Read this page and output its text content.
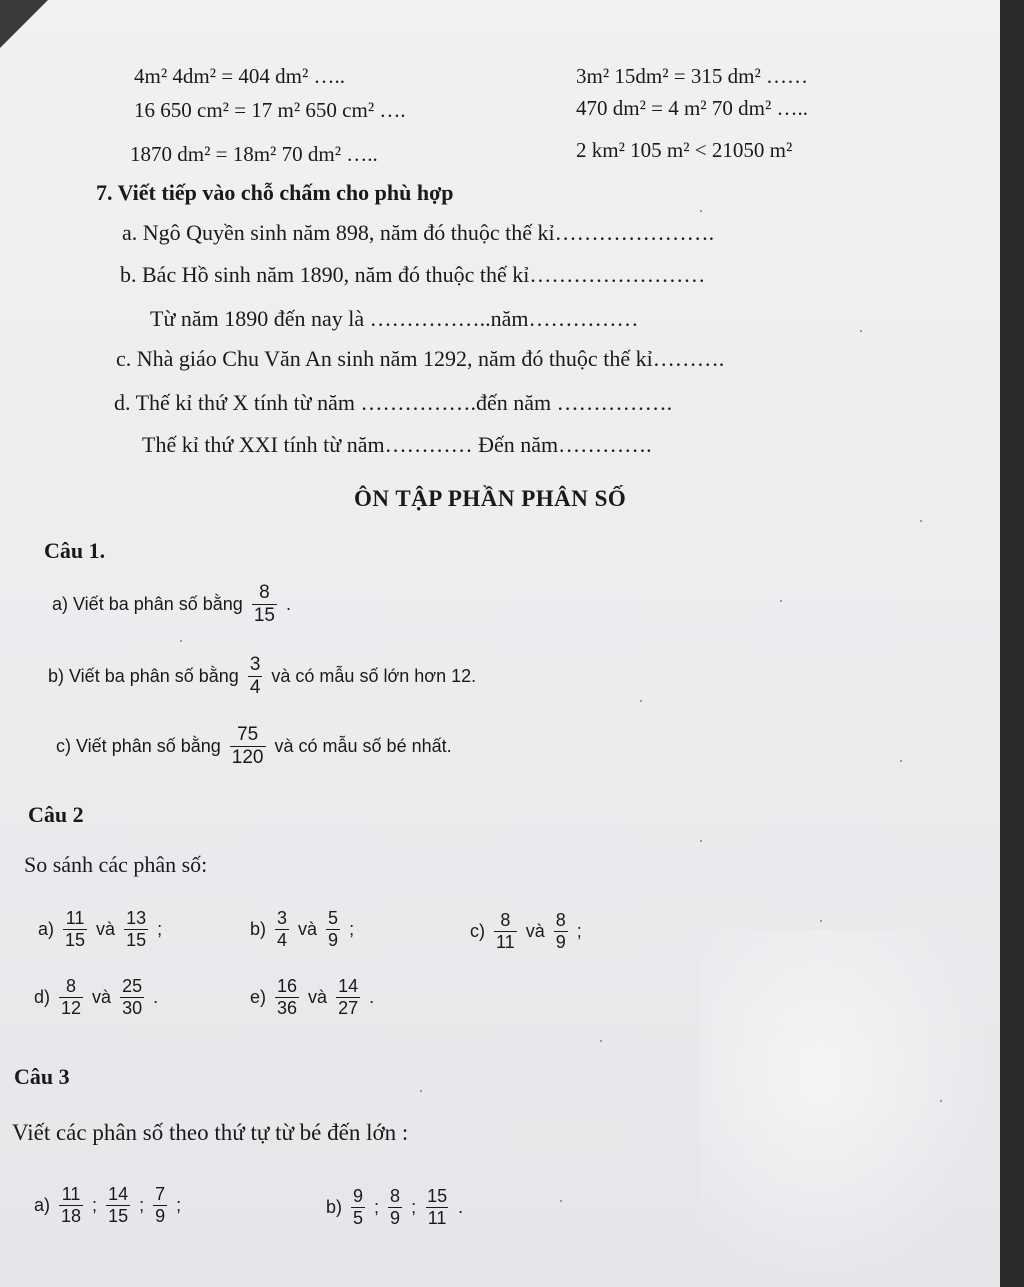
4m² 4dm² = 404 dm² …..	3m² 15dm² = 315 dm² ……
16 650 cm² = 17 m² 650 cm² ….	470 dm² = 4 m² 70 dm² …..
1870 dm² = 18m² 70 dm² …..	2 km² 105 m² < 21050 m²
7. Viết tiếp vào chỗ chấm cho phù hợp
a. Ngô Quyền sinh năm 898, năm đó thuộc thế kỉ………………….
b. Bác Hồ sinh năm 1890, năm đó thuộc thế kỉ……………………
Từ năm 1890 đến nay là ……………..năm……………
c. Nhà giáo Chu Văn An sinh năm 1292, năm đó thuộc thế kỉ……….
d. Thế kỉ thứ X tính từ năm …………….đến năm …………….
Thế kỉ thứ XXI tính từ năm………… Đến năm………….
ÔN TẬP PHẦN PHÂN SỐ
Câu 1.
a) Viết ba phân số bằng $\frac{8}{15}$ .
b) Viết ba phân số bằng $\frac{3}{4}$ và có mẫu số lớn hơn 12.
c) Viết phân số bằng $\frac{75}{120}$ và có mẫu số bé nhất.
Câu 2
So sánh các phân số:
$a) \frac{11}{15}$ và $\frac{13}{15}$ ;	$b) \frac{3}{4}$ và $\frac{5}{9}$ ;	$c) \frac{8}{11}$ và $\frac{8}{9}$ ;
$d) \frac{8}{12}$ và $\frac{25}{30}$ .	$e) \frac{16}{36}$ và $\frac{14}{27}$ .
Câu 3
Viết các phân số theo thứ tự từ bé đến lớn :
$a) \frac{11}{18}$ ; $\frac{14}{15}$ ; $\frac{7}{9}$ ;	$b) \frac{9}{5}$ ; $\frac{8}{9}$ ; $\frac{15}{11}$ .
